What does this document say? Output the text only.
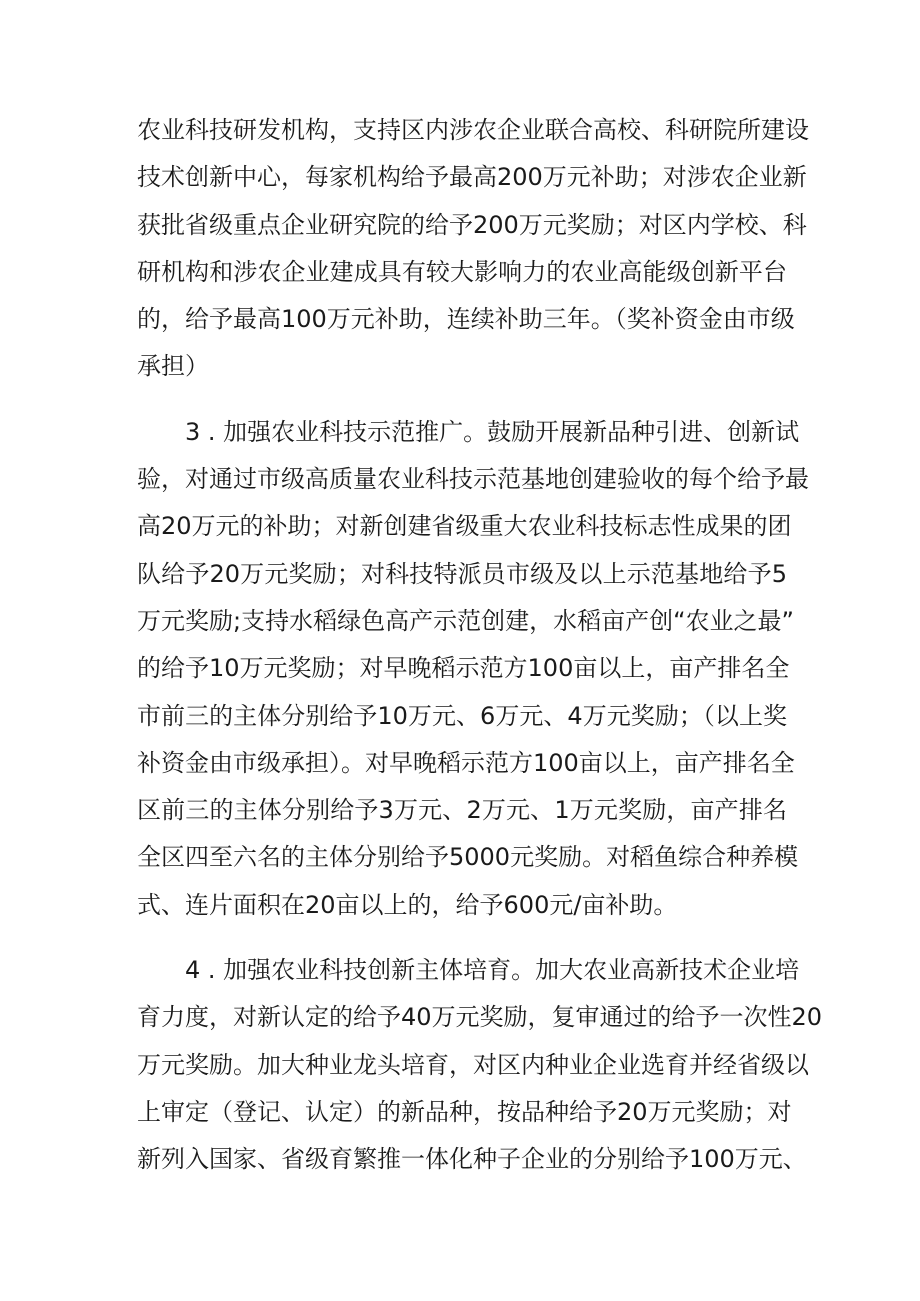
农业科技研发机构，支持区内涉农企业联合高校、科研院所建设
技术创新中心，每家机构给予最高200万元补助；对涉农企业新
获批省级重点企业研究院的给予200万元奖励；对区内学校、科
研机构和涉农企业建成具有较大影响力的农业高能级创新平台
的，给予最高100万元补助，连续补助三年。（奖补资金由市级
承担）
3 . 加强农业科技示范推广。鼓励开展新品种引进、创新试
验，对通过市级高质量农业科技示范基地创建验收的每个给予最
高20万元的补助；对新创建省级重大农业科技标志性成果的团
队给予20万元奖励；对科技特派员市级及以上示范基地给予5
万元奖励;支持水稻绿色高产示范创建，水稻亩产创“农业之最”
的给予10万元奖励；对早晚稻示范方100亩以上，亩产排名全
市前三的主体分别给予10万元、6万元、4万元奖励；（以上奖
补资金由市级承担）。对早晚稻示范方100亩以上，亩产排名全
区前三的主体分别给予3万元、2万元、1万元奖励，亩产排名
全区四至六名的主体分别给予5000元奖励。对稻鱼综合种养模
式、连片面积在20亩以上的，给予600元/亩补助。
4 . 加强农业科技创新主体培育。加大农业高新技术企业培
育力度，对新认定的给予40万元奖励，复审通过的给予一次性20
万元奖励。加大种业龙头培育，对区内种业企业选育并经省级以
上审定（登记、认定）的新品种，按品种给予20万元奖励；对
新列入国家、省级育繁推一体化种子企业的分别给予100万元、
